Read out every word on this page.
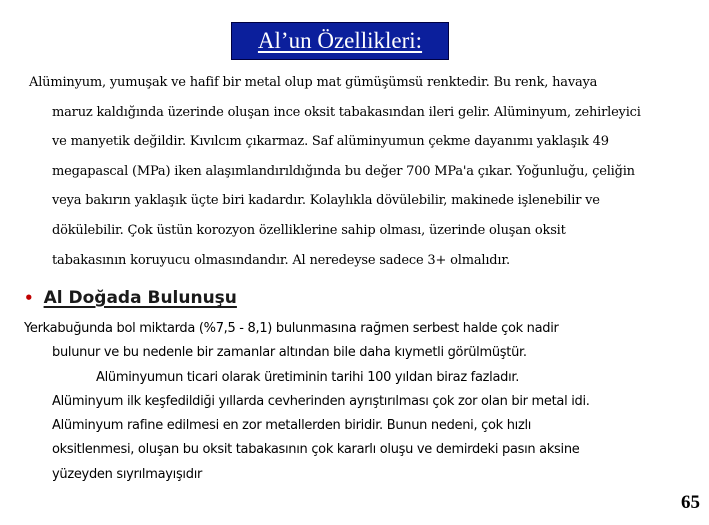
Al’un Özellikleri:
Alüminyum, yumuşak ve hafif bir metal olup mat gümüşümsü renktedir. Bu renk, havaya
maruz kaldığında üzerinde oluşan ince oksit tabakasından ileri gelir. Alüminyum, zehirleyici
ve manyetik değildir. Kıvılcım çıkarmaz. Saf alüminyumun çekme dayanımı yaklaşık 49
megapascal (MPa) iken alaşımlandırıldığında bu değer 700 MPa'a çıkar. Yoğunluğu, çeliğin
veya bakırın yaklaşık üçte biri kadardır. Kolaylıkla dövülebilir, makinede işlenebilir ve
dökülebilir. Çok üstün korozyon özelliklerine sahip olması, üzerinde oluşan oksit
tabakasının koruyucu olmasındandır. Al neredeyse sadece 3+ olmalıdır.
• Al Doğada Bulunuşu
Yerkabuğunda bol miktarda (%7,5 - 8,1) bulunmasına rağmen serbest halde çok nadir
bulunur ve bu nedenle bir zamanlar altından bile daha kıymetli görülmüştür.
Alüminyumun ticari olarak üretiminin tarihi 100 yıldan biraz fazladır.
Alüminyum ilk keşfedildiği yıllarda cevherinden ayrıştırılması çok zor olan bir metal idi.
Alüminyum rafine edilmesi en zor metallerden biridir. Bunun nedeni, çok hızlı
oksitlenmesi, oluşan bu oksit tabakasının çok kararlı oluşu ve demirdeki pasın aksine
yüzeyden sıyrılmayışıdır
65
